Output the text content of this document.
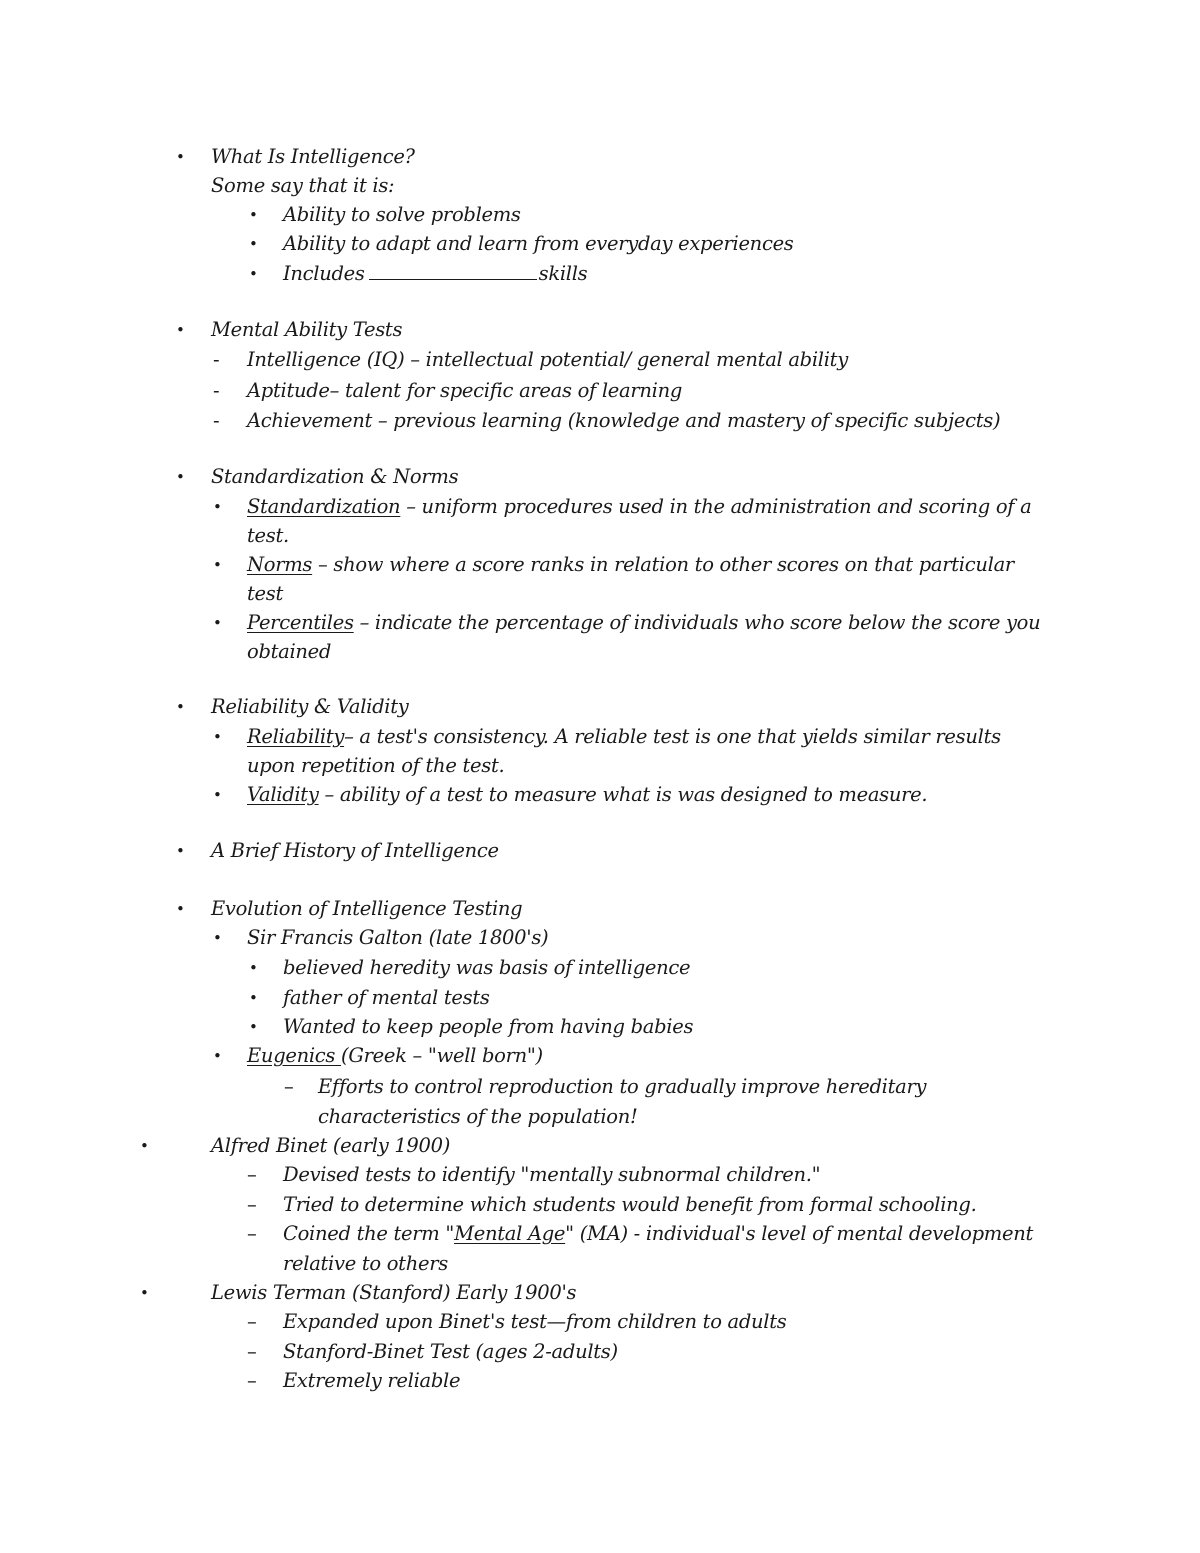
• What Is Intelligence?
Some say that it is:
• Ability to solve problems
• Ability to adapt and learn from everyday experiences
• Includes	skills
• Mental Ability Tests
- Intelligence (IQ) – intellectual potential/ general mental ability
- Aptitude– talent for specific areas of learning
- Achievement – previous learning (knowledge and mastery of specific subjects)
• Standardization & Norms
• Standardization – uniform procedures used in the administration and scoring of a
test.
• Norms – show where a score ranks in relation to other scores on that particular
test
• Percentiles – indicate the percentage of individuals who score below the score you
obtained
• Reliability & Validity
• Reliability– a test's consistency. A reliable test is one that yields similar results
upon repetition of the test.
• Validity – ability of a test to measure what is was designed to measure.
• A Brief History of Intelligence
• Evolution of Intelligence Testing
• Sir Francis Galton (late 1800's)
• believed heredity was basis of intelligence
• father of mental tests
• Wanted to keep people from having babies
• Eugenics (Greek – "well born")
– Efforts to control reproduction to gradually improve hereditary
characteristics of the population!
•	Alfred Binet (early 1900)
– Devised tests to identify "mentally subnormal children."
– Tried to determine which students would benefit from formal schooling.
– Coined the term "Mental Age" (MA) - individual's level of mental development
relative to others
•	Lewis Terman (Stanford) Early 1900's
– Expanded upon Binet's test—from children to adults
– Stanford-Binet Test (ages 2-adults)
– Extremely reliable
